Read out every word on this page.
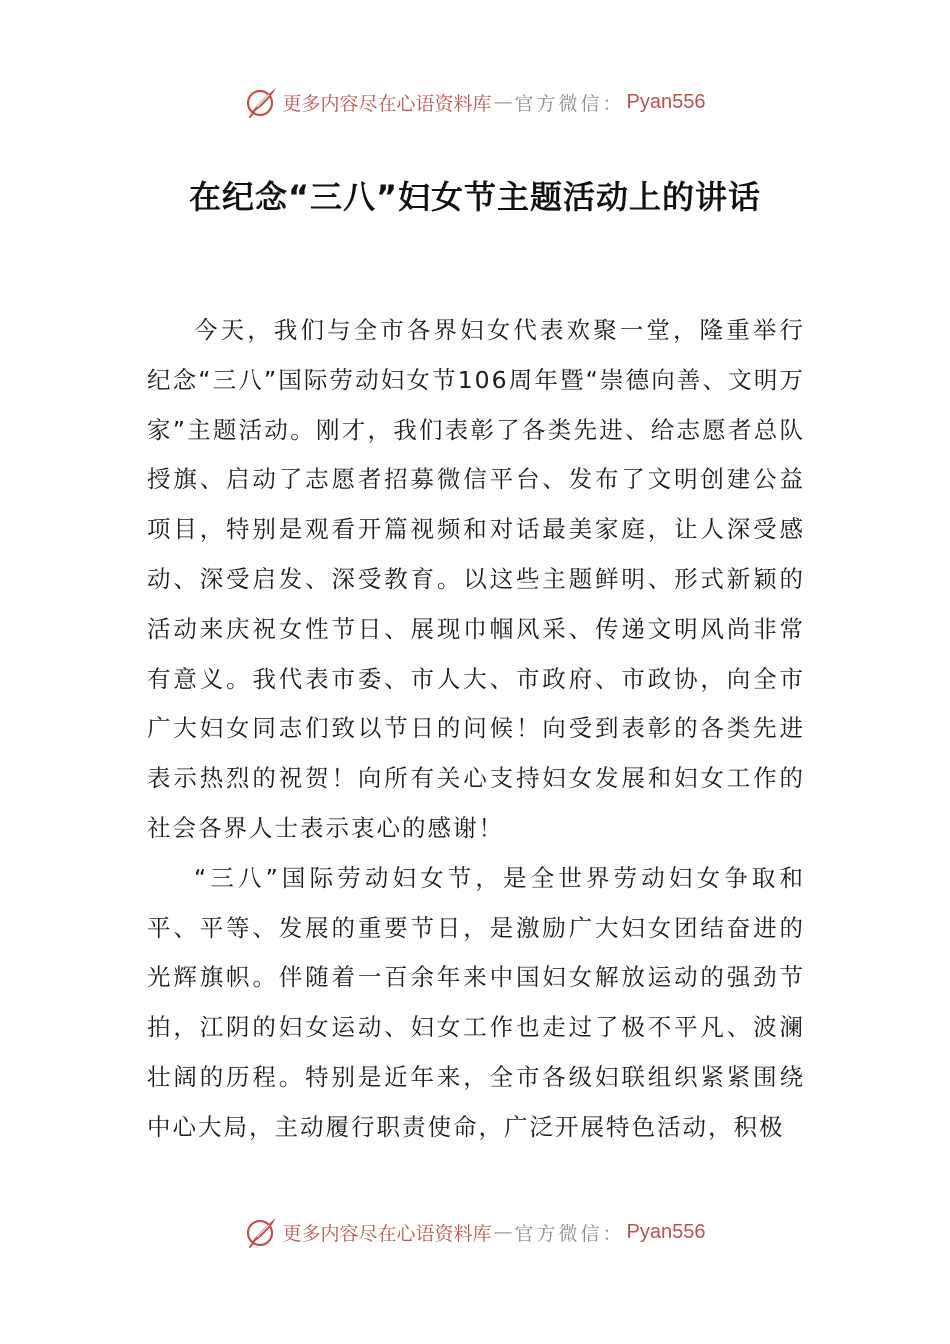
更多内容尽在心语资料库 — 官方微信： Pyan556
在纪念“三八”妇女节主题活动上的讲话

今天，我们与全市各界妇女代表欢聚一堂，隆重举行纪念“三八”国际劳动妇女节106周年暨“崇德向善、文明万家”主题活动。刚才，我们表彰了各类先进、给志愿者总队授旗、启动了志愿者招募微信平台、发布了文明创建公益项目，特别是观看开篇视频和对话最美家庭，让人深受感动、深受启发、深受教育。以这些主题鲜明、形式新颖的活动来庆祝女性节日、展现巾帼风采、传递文明风尚非常有意义。我代表市委、市人大、市政府、市政协，向全市广大妇女同志们致以节日的问候！向受到表彰的各类先进表示热烈的祝贺！向所有关心支持妇女发展和妇女工作的社会各界人士表示衷心的感谢！

“三八”国际劳动妇女节，是全世界劳动妇女争取和平、平等、发展的重要节日，是激励广大妇女团结奋进的光辉旗帜。伴随着一百余年来中国妇女解放运动的强劲节拍，江阴的妇女运动、妇女工作也走过了极不平凡、波澜壮阔的历程。特别是近年来，全市各级妇联组织紧紧围绕中心大局，主动履行职责使命，广泛开展特色活动，积极

更多内容尽在心语资料库 — 官方微信： Pyan556
